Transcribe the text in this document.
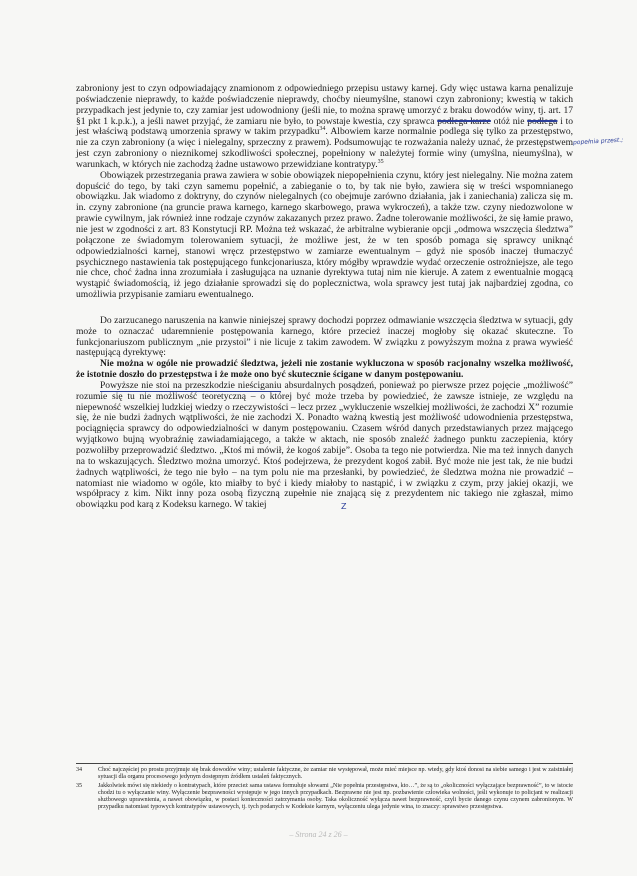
zabroniony jest to czyn odpowiadający znamionom z odpowiedniego przepisu ustawy karnej. Gdy więc ustawa karna penalizuje poświadczenie nieprawdy, to każde poświadczenie nieprawdy, choćby nieumyślne, stanowi czyn zabroniony; kwestią w takich przypadkach jest jedynie to, czy zamiar jest udowodniony (jeśli nie, to można sprawę umorzyć z braku dowodów winy, tj. art. 17 §1 pkt 1 k.p.k.), a jeśli nawet przyjąć, że zamiaru nie było, to powstaje kwestia, czy sprawca podlega karze otóż nie podlega i to jest właściwą podstawą umorzenia sprawy w takim przypadku$^{34}$. Albowiem karze normalnie podlega się tylko za przestępstwo, nie za czyn zabroniony (a więc i nielegalny, sprzeczny z prawem). Podsumowując te rozważania należy uznać, że przestępstwem jest czyn zabroniony o nieznikomej szkodliwości społecznej, popełniony w należytej formie winy (umyślna, nieumyślna), w warunkach, w których nie zachodzą żadne ustawowo przewidziane kontratypy.$^{35}$

Obowiązek przestrzegania prawa zawiera w sobie obowiązek niepopełnienia czynu, który jest nielegalny. Nie można zatem dopuścić do tego, by taki czyn samemu popełnić, a zabieganie o to, by tak nie było, zawiera się w treści wspomnianego obowiązku. Jak wiadomo z doktryny, do czynów nielegalnych (co obejmuje zarówno działania, jak i zaniechania) zalicza się m. in. czyny zabronione (na gruncie prawa karnego, karnego skarbowego, prawa wykroczeń), a także tzw. czyny niedozwolone w prawie cywilnym, jak również inne rodzaje czynów zakazanych przez prawo. Żadne tolerowanie możliwości, że się łamie prawo, nie jest w zgodności z art. 83 Konstytucji RP. Można też wskazać, że arbitralne wybieranie opcji „odmowa wszczęcia śledztwa” połączone ze świadomym tolerowaniem sytuacji, że możliwe jest, że w ten sposób pomaga się sprawcy uniknąć odpowiedzialności karnej, stanowi wręcz przestępstwo w zamiarze ewentualnym – gdyż nie sposób inaczej tłumaczyć psychicznego nastawienia tak postępującego funkcjonariusza, który mógłby wprawdzie wydać orzeczenie ostrożniejsze, ale tego nie chce, choć żadna inna zrozumiała i zasługująca na uznanie dyrektywa tutaj nim nie kieruje. A zatem z ewentualnie mogącą wystąpić świadomością, iż jego działanie sprowadzi się do poplecznictwa, wola sprawcy jest tutaj jak najbardziej zgodna, co umożliwia przypisanie zamiaru ewentualnego.

Do zarzucanego naruszenia na kanwie niniejszej sprawy dochodzi poprzez odmawianie wszczęcia śledztwa w sytuacji, gdy może to oznaczać udaremnienie postępowania karnego, które przecież inaczej mogłoby się okazać skuteczne. To funkcjonariuszom publicznym „nie przystoi” i nie licuje z takim zawodem. W związku z powyższym można z prawa wywieść następującą dyrektywę:

Nie można w ogóle nie prowadzić śledztwa, jeżeli nie zostanie wykluczona w sposób racjonalny wszelka możliwość, że istotnie doszło do przestępstwa i że może ono być skutecznie ścigane w danym postępowaniu.

Powyższe nie stoi na przeszkodzie nieściganiu absurdalnych posądzeń, ponieważ po pierwsze przez pojęcie „możliwość” rozumie się tu nie możliwość teoretyczną – o której być może trzeba by powiedzieć, że zawsze istnieje, ze względu na niepewność wszelkiej ludzkiej wiedzy o rzeczywistości – lecz przez „wykluczenie wszelkiej możliwości, że zachodzi X” rozumie się, że nie budzi żadnych wątpliwości, że nie zachodzi X. Ponadto ważną kwestią jest możliwość udowodnienia przestępstwa, pociągnięcia sprawcy do odpowiedzialności w danym postępowaniu. Czasem wśród danych przedstawianych przez mającego wyjątkowo bujną wyobraźnię zawiadamiającego, a także w aktach, nie sposób znaleźć żadnego punktu zaczepienia, który pozwoliłby przeprowadzić śledztwo. „Ktoś mi mówił, że kogoś zabije”. Osoba ta tego nie potwierdza. Nie ma też innych danych na to wskazujących. Śledztwo można umorzyć. Ktoś podejrzewa, że prezydent kogoś zabił. Być może nie jest tak, że nie budzi żadnych wątpliwości, że tego nie było – na tym polu nie ma przesłanki, by powiedzieć, że śledztwa można nie prowadzić – natomiast nie wiadomo w ogóle, kto miałby to być i kiedy miałoby to nastąpić, i w związku z czym, przy jakiej okazji, we współpracy z kim. Nikt inny poza osobą fizyczną zupełnie nie znającą się z prezydentem nic takiego nie zgłaszał, mimo obowiązku pod karą z Kodeksu karnego. W takiej

popełnia przest.;
Z
34	Choć najczęściej po prostu przyjmuje się brak dowodów winy; ustalenie faktyczne, że zamiar nie występował, może mieć miejsce np. wtedy, gdy ktoś donosi na siebie samego i jest w zaistniałej sytuacji dla organu procesowego jedynym dostępnym źródłem ustaleń faktycznych.
35	Jakkolwiek mówi się niekiedy o kontratypach, które przecież sama ustawa formułuje słowami „Nie popełnia przestępstwa, kto…”, że są to „okoliczności wyłączające bezprawność”, to w istocie chodzi tu o wyłączanie winy. Wyłączenie bezprawności występuje w jego innych przypadkach. Bezprawne nie jest np. pozbawienie człowieka wolności, jeśli wykonuje to policjant w realizacji służbowego uprawnienia, a nawet obowiązku, w postaci konieczności zatrzymania osoby. Taka okoliczność wyłącza nawet bezprawność, czyli bycie danego czynu czynem zabronionym. W przypadku natomiast typowych kontratypów ustawowych, tj. tych podanych w Kodeksie karnym, wyłączeniu ulega jedynie wina, to znaczy: sprawstwo przestępstwa.
– Strona 24 z 26 –
